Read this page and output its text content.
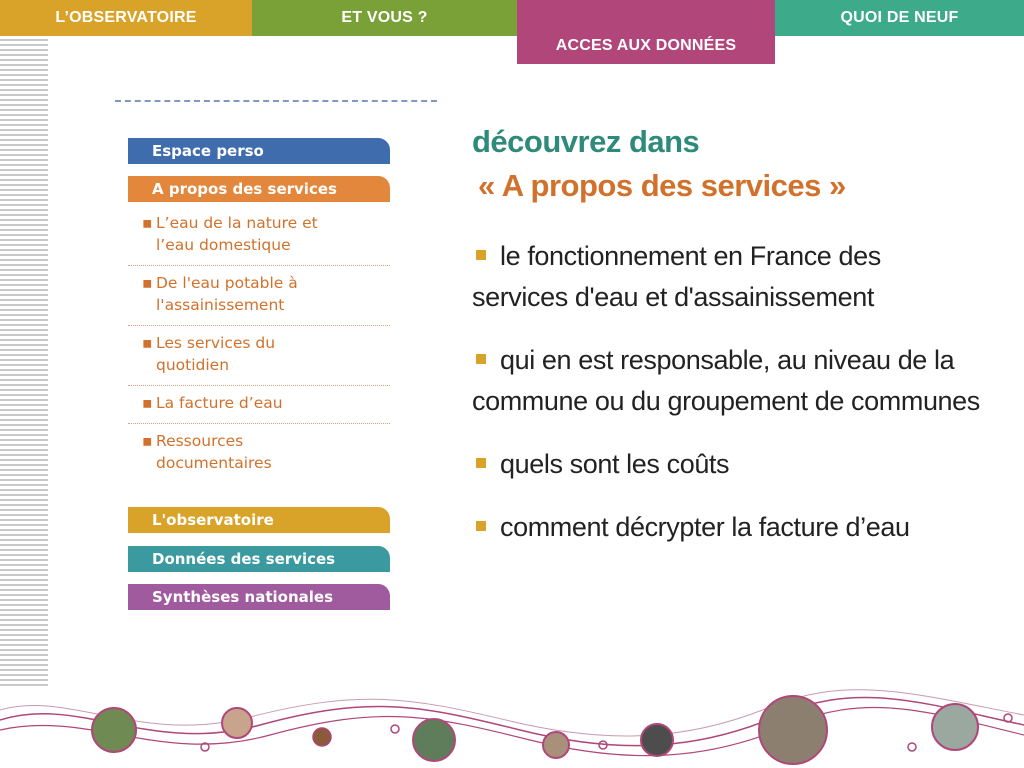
L’OBSERVATOIRE	ET VOUS ?
ACCES AUX DONNÉES
QUOI DE NEUF
Espace perso
A propos des services
▪ L’eau de la nature et
l’eau domestique
▪ De l'eau potable à
l'assainissement
▪ Les services du
quotidien
▪ La facture d’eau
▪ Ressources
documentaires
L'observatoire
Données des services
Synthèses nationales
découvrez dans
« A propos des services »
le fonctionnement en France des services d'eau et d'assainissement
qui en est responsable, au niveau de la commune ou du groupement de communes
quels sont les coûts
comment décrypter la facture d’eau
